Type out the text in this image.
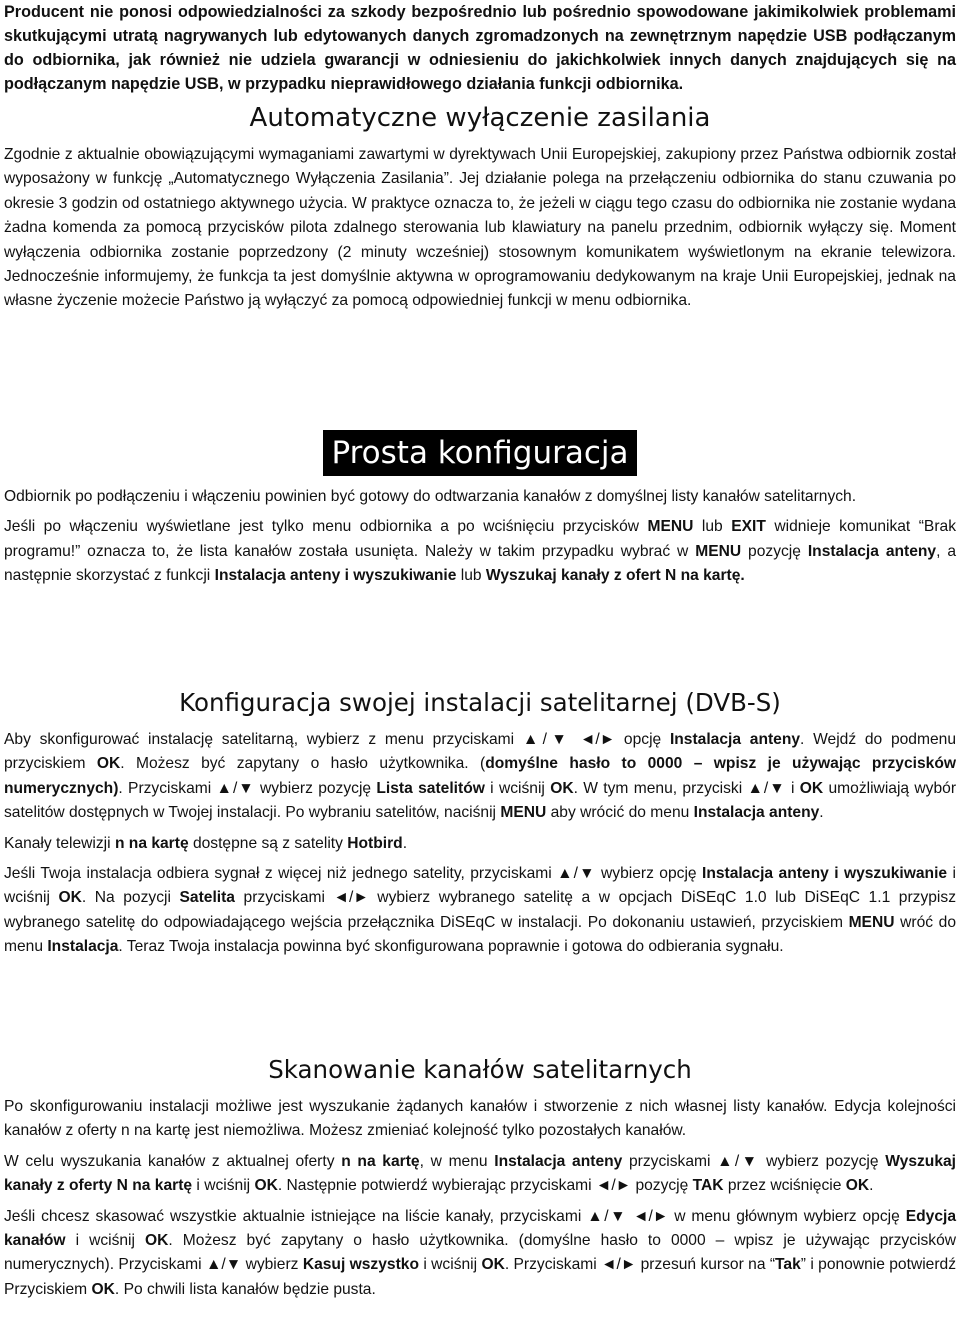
Producent nie ponosi odpowiedzialności za szkody bezpośrednio lub pośrednio spowodowane jakimikolwiek problemami skutkującymi utratą nagrywanych lub edytowanych danych zgromadzonych na zewnętrznym napędzie USB podłączanym do odbiornika, jak również nie udziela gwarancji w odniesieniu do jakichkolwiek innych danych znajdujących się na podłączanym napędzie USB, w przypadku nieprawidłowego działania funkcji odbiornika.

Automatyczne wyłączenie zasilania

Zgodnie z aktualnie obowiązującymi wymaganiami zawartymi w dyrektywach Unii Europejskiej, zakupiony przez Państwa odbiornik został wyposażony w funkcję „Automatycznego Wyłączenia Zasilania”. Jej działanie polega na przełączeniu odbiornika do stanu czuwania po okresie 3 godzin od ostatniego aktywnego użycia. W praktyce oznacza to, że jeżeli w ciągu tego czasu do odbiornika nie zostanie wydana żadna komenda za pomocą przycisków pilota zdalnego sterowania lub klawiatury na panelu przednim, odbiornik wyłączy się. Moment wyłączenia odbiornika zostanie poprzedzony (2 minuty wcześniej) stosownym komunikatem wyświetlonym na ekranie telewizora. Jednocześnie informujemy, że funkcja ta jest domyślnie aktywna w oprogramowaniu dedykowanym na kraje Unii Europejskiej, jednak na własne życzenie możecie Państwo ją wyłączyć za pomocą odpowiedniej funkcji w menu odbiornika.

Prosta konfiguracja

Odbiornik po podłączeniu i włączeniu powinien być gotowy do odtwarzania kanałów z domyślnej listy kanałów satelitarnych.

Jeśli po włączeniu wyświetlane jest tylko menu odbiornika a po wciśnięciu przycisków MENU lub EXIT widnieje komunikat “Brak programu!” oznacza to, że lista kanałów została usunięta. Należy w takim przypadku wybrać w MENU pozycję Instalacja anteny, a następnie skorzystać z funkcji Instalacja anteny i wyszukiwanie lub Wyszukaj kanały z ofert N na kartę.

Konfiguracja swojej instalacji satelitarnej (DVB-S)

Aby skonfigurować instalację satelitarną, wybierz z menu przyciskami ▲/▼ ◄/► opcję Instalacja anteny. Wejdź do podmenu przyciskiem OK. Możesz być zapytany o hasło użytkownika. (domyślne hasło to 0000 – wpisz je używając przycisków numerycznych). Przyciskami ▲/▼ wybierz pozycję Lista satelitów i wciśnij OK. W tym menu, przyciski ▲/▼ i OK umożliwiają wybór satelitów dostępnych w Twojej instalacji. Po wybraniu satelitów, naciśnij MENU aby wrócić do menu Instalacja anteny.

Kanały telewizji n na kartę dostępne są z satelity Hotbird.

Jeśli Twoja instalacja odbiera sygnał z więcej niż jednego satelity, przyciskami ▲/▼ wybierz opcję Instalacja anteny i wyszukiwanie i wciśnij OK. Na pozycji Satelita przyciskami ◄/► wybierz wybranego satelitę a w opcjach DiSEqC 1.0 lub DiSEqC 1.1 przypisz wybranego satelitę do odpowiadającego wejścia przełącznika DiSEqC w instalacji. Po dokonaniu ustawień, przyciskiem MENU wróć do menu Instalacja. Teraz Twoja instalacja powinna być skonfigurowana poprawnie i gotowa do odbierania sygnału.

Skanowanie kanałów satelitarnych

Po skonfigurowaniu instalacji możliwe jest wyszukanie żądanych kanałów i stworzenie z nich własnej listy kanałów. Edycja kolejności kanałów z oferty n na kartę jest niemożliwa. Możesz zmieniać kolejność tylko pozostałych kanałów.

W celu wyszukania kanałów z aktualnej oferty n na kartę, w menu Instalacja anteny przyciskami ▲/▼ wybierz pozycję Wyszukaj kanały z oferty N na kartę i wciśnij OK. Następnie potwierdź wybierając przyciskami ◄/► pozycję TAK przez wciśnięcie OK.

Jeśli chcesz skasować wszystkie aktualnie istniejące na liście kanały, przyciskami ▲/▼ ◄/► w menu głównym wybierz opcję Edycja kanałów i wciśnij OK. Możesz być zapytany o hasło użytkownika. (domyślne hasło to 0000 – wpisz je używając przycisków numerycznych). Przyciskami ▲/▼ wybierz Kasuj wszystko i wciśnij OK. Przyciskami ◄/► przesuń kursor na “Tak” i ponownie potwierdź Przyciskiem OK. Po chwili lista kanałów będzie pusta.
